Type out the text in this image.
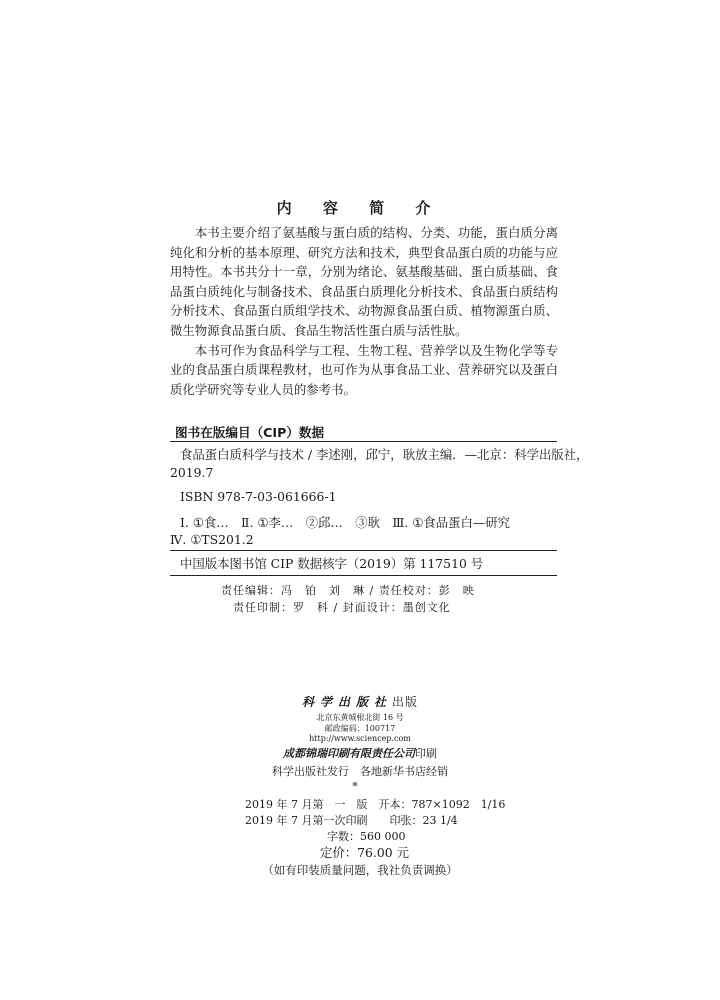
内 容 简 介

本书主要介绍了氨基酸与蛋白质的结构、分类、功能，蛋白质分离纯化和分析的基本原理、研究方法和技术，典型食品蛋白质的功能与应用特性。本书共分十一章，分别为绪论、氨基酸基础、蛋白质基础、食品蛋白质纯化与制备技术、食品蛋白质理化分析技术、食品蛋白质结构分析技术、食品蛋白质组学技术、动物源食品蛋白质、植物源蛋白质、微生物源食品蛋白质、食品生物活性蛋白质与活性肽。

本书可作为食品科学与工程、生物工程、营养学以及生物化学等专业的食品蛋白质课程教材，也可作为从事食品工业、营养研究以及蛋白质化学研究等专业人员的参考书。

图书在版编目（CIP）数据
食品蛋白质科学与技术 / 李述刚，邱宁，耿放主编．—北京：科学出版社，
2019.7
ISBN 978-7-03-061666-1
Ⅰ. ①食…　Ⅱ. ①李…　②邱…　③耿　Ⅲ. ①食品蛋白—研究
Ⅳ. ①TS201.2
中国版本图书馆 CIP 数据核字（2019）第 117510 号
责任编辑：冯　铂　刘　琳 / 责任校对：彭　映
责任印制：罗　科 / 封面设计：墨创文化
科学出版社出版
北京东黄城根北街 16 号
邮政编码：100717
http://www.sciencep.com
成都锦瑞印刷有限责任公司印刷
科学出版社发行　各地新华书店经销
*
2019 年 7 月第　一　版　开本：787×1092　1/16
2019 年 7 月第一次印刷　　印张：23 1/4
字数：560 000
定价：76.00 元
（如有印装质量问题，我社负责调换）
